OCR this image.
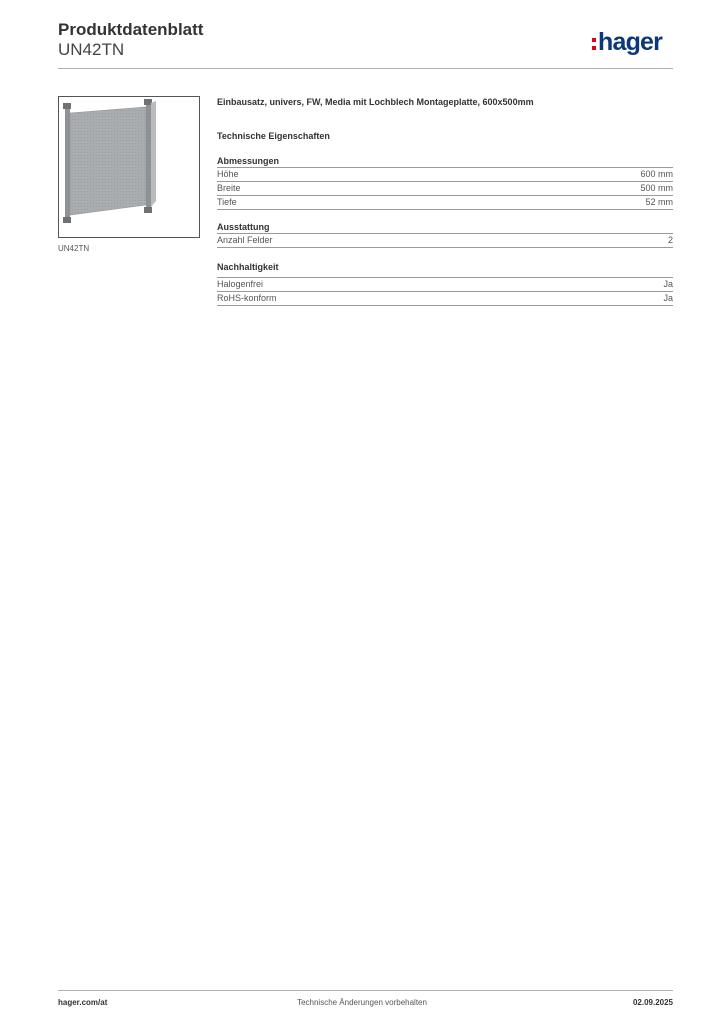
Produktdatenblatt
UN42TN	hager
UN42TN

Einbausatz, univers, FW, Media mit Lochblech Montageplatte, 600x500mm

Technische Eigenschaften
Abmessungen
Höhe	600 mm
Breite	500 mm
Tiefe	52 mm
Ausstattung
Anzahl Felder	2
Nachhaltigkeit
Halogenfrei	Ja
RoHS-konform	Ja
hager.com/at	Technische Änderungen vorbehalten	02.09.2025
